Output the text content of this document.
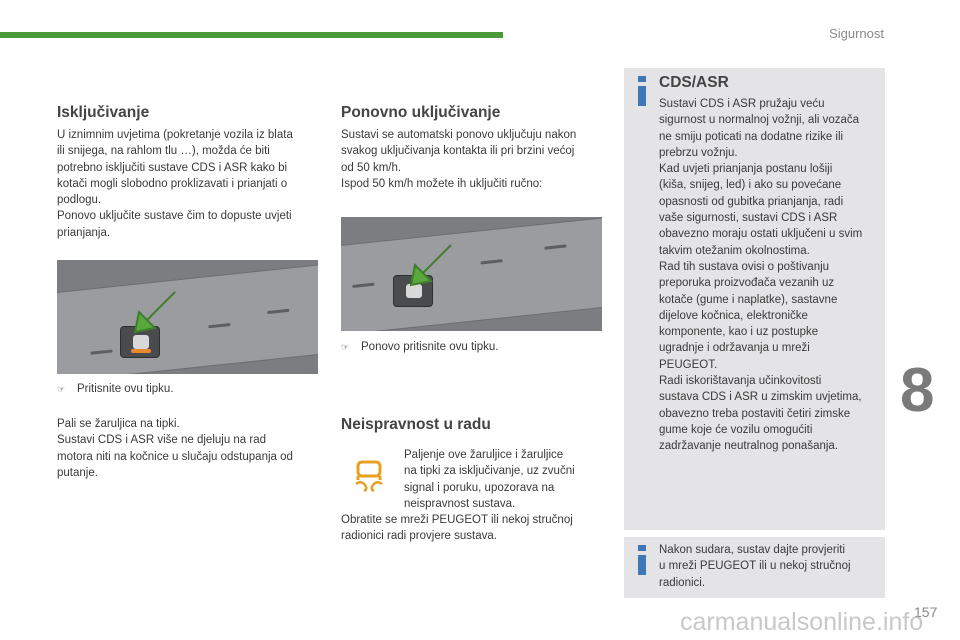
Sigurnost
8
157
carmanualsonline.info
Isključivanje

U iznimnim uvjetima (pokretanje vozila iz blata
ili snijega, na rahlom tlu …), možda će biti
potrebno isključiti sustave CDS i ASR kako bi
kotači mogli slobodno proklizavati i prianjati o
podlogu.
Ponovo uključite sustave čim to dopuste uvjeti
prianjanja.

☞ Pritisnite ovu tipku.

Pali se žaruljica na tipki.
Sustavi CDS i ASR više ne djeluju na rad
motora niti na kočnice u slučaju odstupanja od
putanje.

Ponovno uključivanje

Sustavi se automatski ponovo uključuju nakon
svakog uključivanja kontakta ili pri brzini većoj
od 50 km/h.
Ispod 50 km/h možete ih uključiti ručno:

☞ Ponovo pritisnite ovu tipku.
Neispravnost u radu

Paljenje ove žaruljice i žaruljice
na tipki za isključivanje, uz zvučni
signal i poruku, upozorava na
neispravnost sustava.

Obratite se mreži PEUGEOT ili nekoj stručnoj
radionici radi provjere sustava.

CDS/ASR

Sustavi CDS i ASR pružaju veću
sigurnost u normalnoj vožnji, ali vozača
ne smiju poticati na dodatne rizike ili
prebrzu vožnju.
Kad uvjeti prianjanja postanu lošiji
(kiša, snijeg, led) i ako su povećane
opasnosti od gubitka prianjanja, radi
vaše sigurnosti, sustavi CDS i ASR
obavezno moraju ostati uključeni u svim
takvim otežanim okolnostima.
Rad tih sustava ovisi o poštivanju
preporuka proizvođača vezanih uz
kotače (gume i naplatke), sastavne
dijelove kočnica, elektroničke
komponente, kao i uz postupke
ugradnje i održavanja u mreži
PEUGEOT.
Radi iskorištavanja učinkovitosti
sustava CDS i ASR u zimskim uvjetima,
obavezno treba postaviti četiri zimske
gume koje će vozilu omogućiti
zadržavanje neutralnog ponašanja.

Nakon sudara, sustav dajte provjeriti
u mreži PEUGEOT ili u nekoj stručnoj
radionici.
